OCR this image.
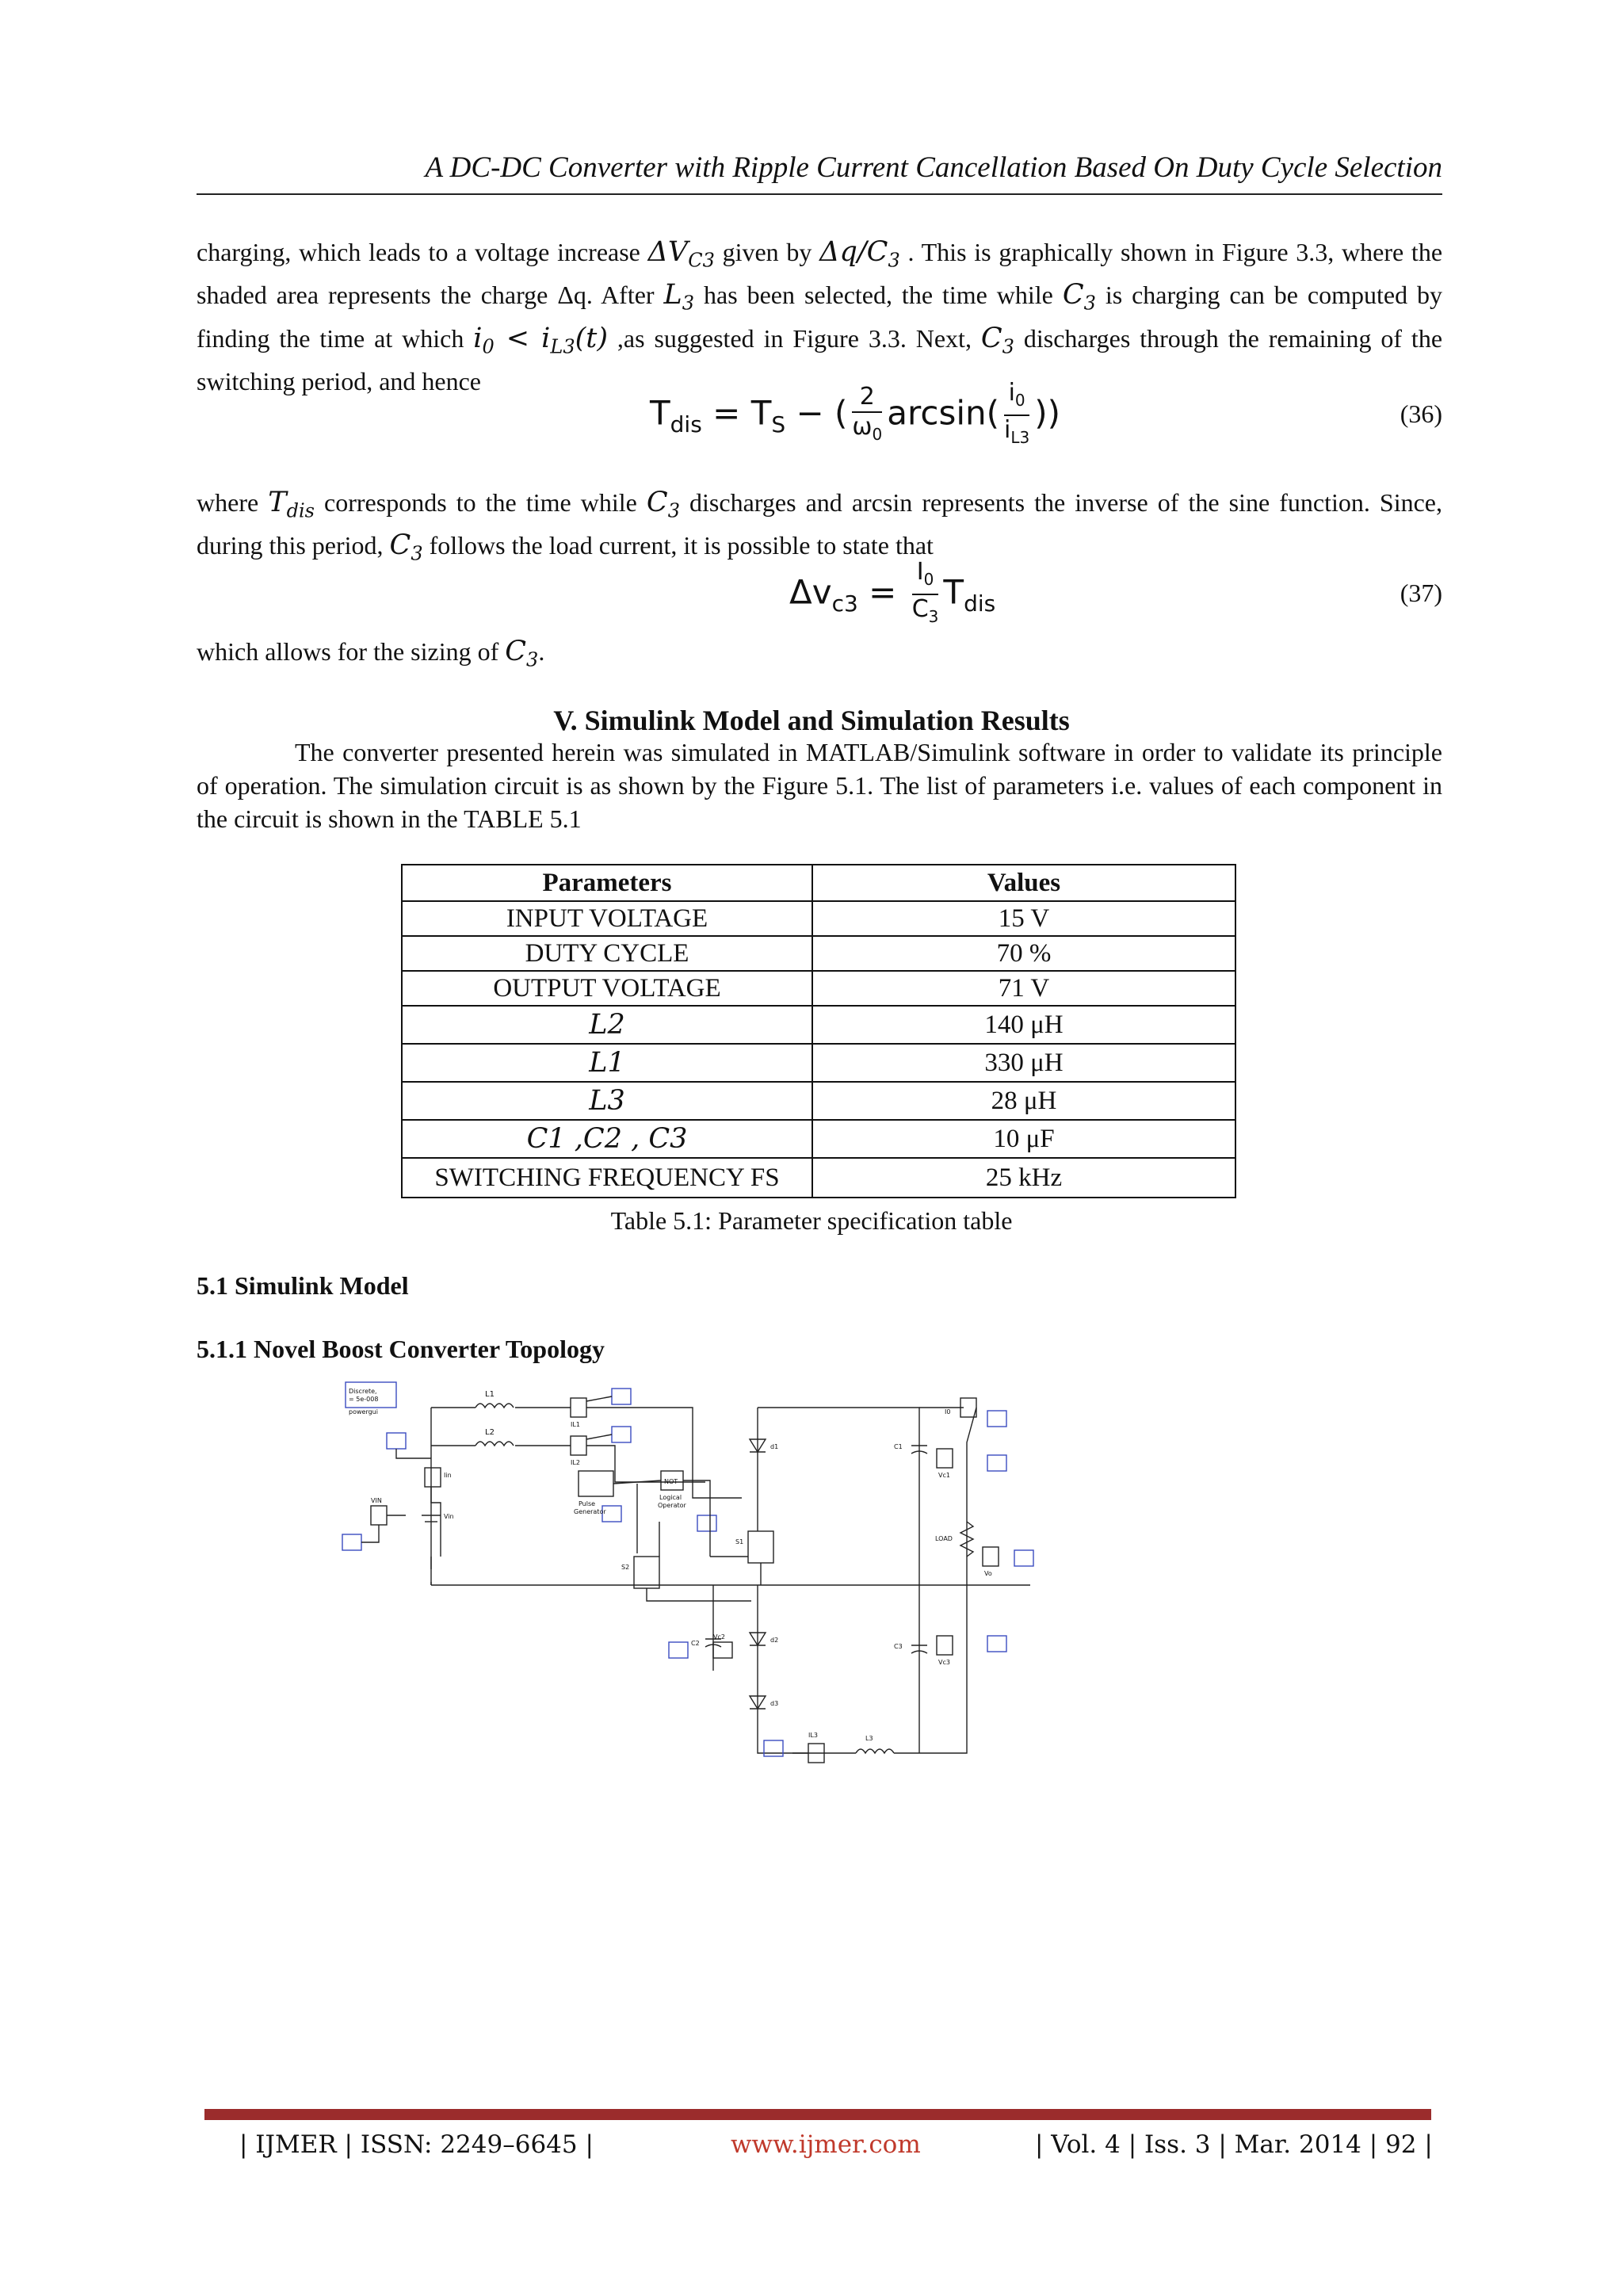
A DC-DC Converter with Ripple Current Cancellation Based On Duty Cycle Selection
charging, which leads to a voltage increase $\Delta V_{C3}$ given by $\Delta q/C_3$ . This is graphically shown in Figure 3.3, where the shaded area represents the charge Δq. After $L_3$ has been selected, the time while $C_3$ is charging can be computed by finding the time at which $i_0 < i_{L3}(t)$ ,as suggested in Figure 3.3. Next, $C_3$ discharges through the remaining of the switching period, and hence
$T_{dis} = T_S$ − ( $\frac{2}{\omega_0} \arcsin( \frac{i_0}{i_{L3}}$ ))	(36)
where $T_{dis}$ corresponds to the time while $C_3$ discharges and arcsin represents the inverse of the sine function. Since, during this period, $C_3$ follows the load current, it is possible to state that
$\Delta v_{c3} = \frac{I_0}{C_3} T_{dis}$	(37)
which allows for the sizing of $C_3$.
V. Simulink Model and Simulation Results
The converter presented herein was simulated in MATLAB/Simulink software in order to validate its principle of operation. The simulation circuit is as shown by the Figure 5.1. The list of parameters i.e. values of each component in the circuit is shown in the TABLE 5.1
Parameters	Values
INPUT VOLTAGE	15 V
DUTY CYCLE	70 %
OUTPUT VOLTAGE	71 V
L2	140 μH
L1	330 μH
L3	28 μH
C1 ,C2 , C3	10 μF
SWITCHING FREQUENCY FS	25 kHz
Table 5.1: Parameter specification table
5.1 Simulink Model
5.1.1 Novel Boost Converter Topology
Discrete,
= 5e-008
powergui
L1
L2
IL1
IL2
Iin
VIN
Vin
Pulse
Generator
NOT
Logical
Operator
S1
S2
d1
d2
d3
C1
C2	C3
I0
Vc1
Vc2
Vc3
LOAD
Vo
IL3	L3
| IJMER | ISSN: 2249–6645 |	www.ijmer.com	| Vol. 4 | Iss. 3 | Mar. 2014 | 92 |
